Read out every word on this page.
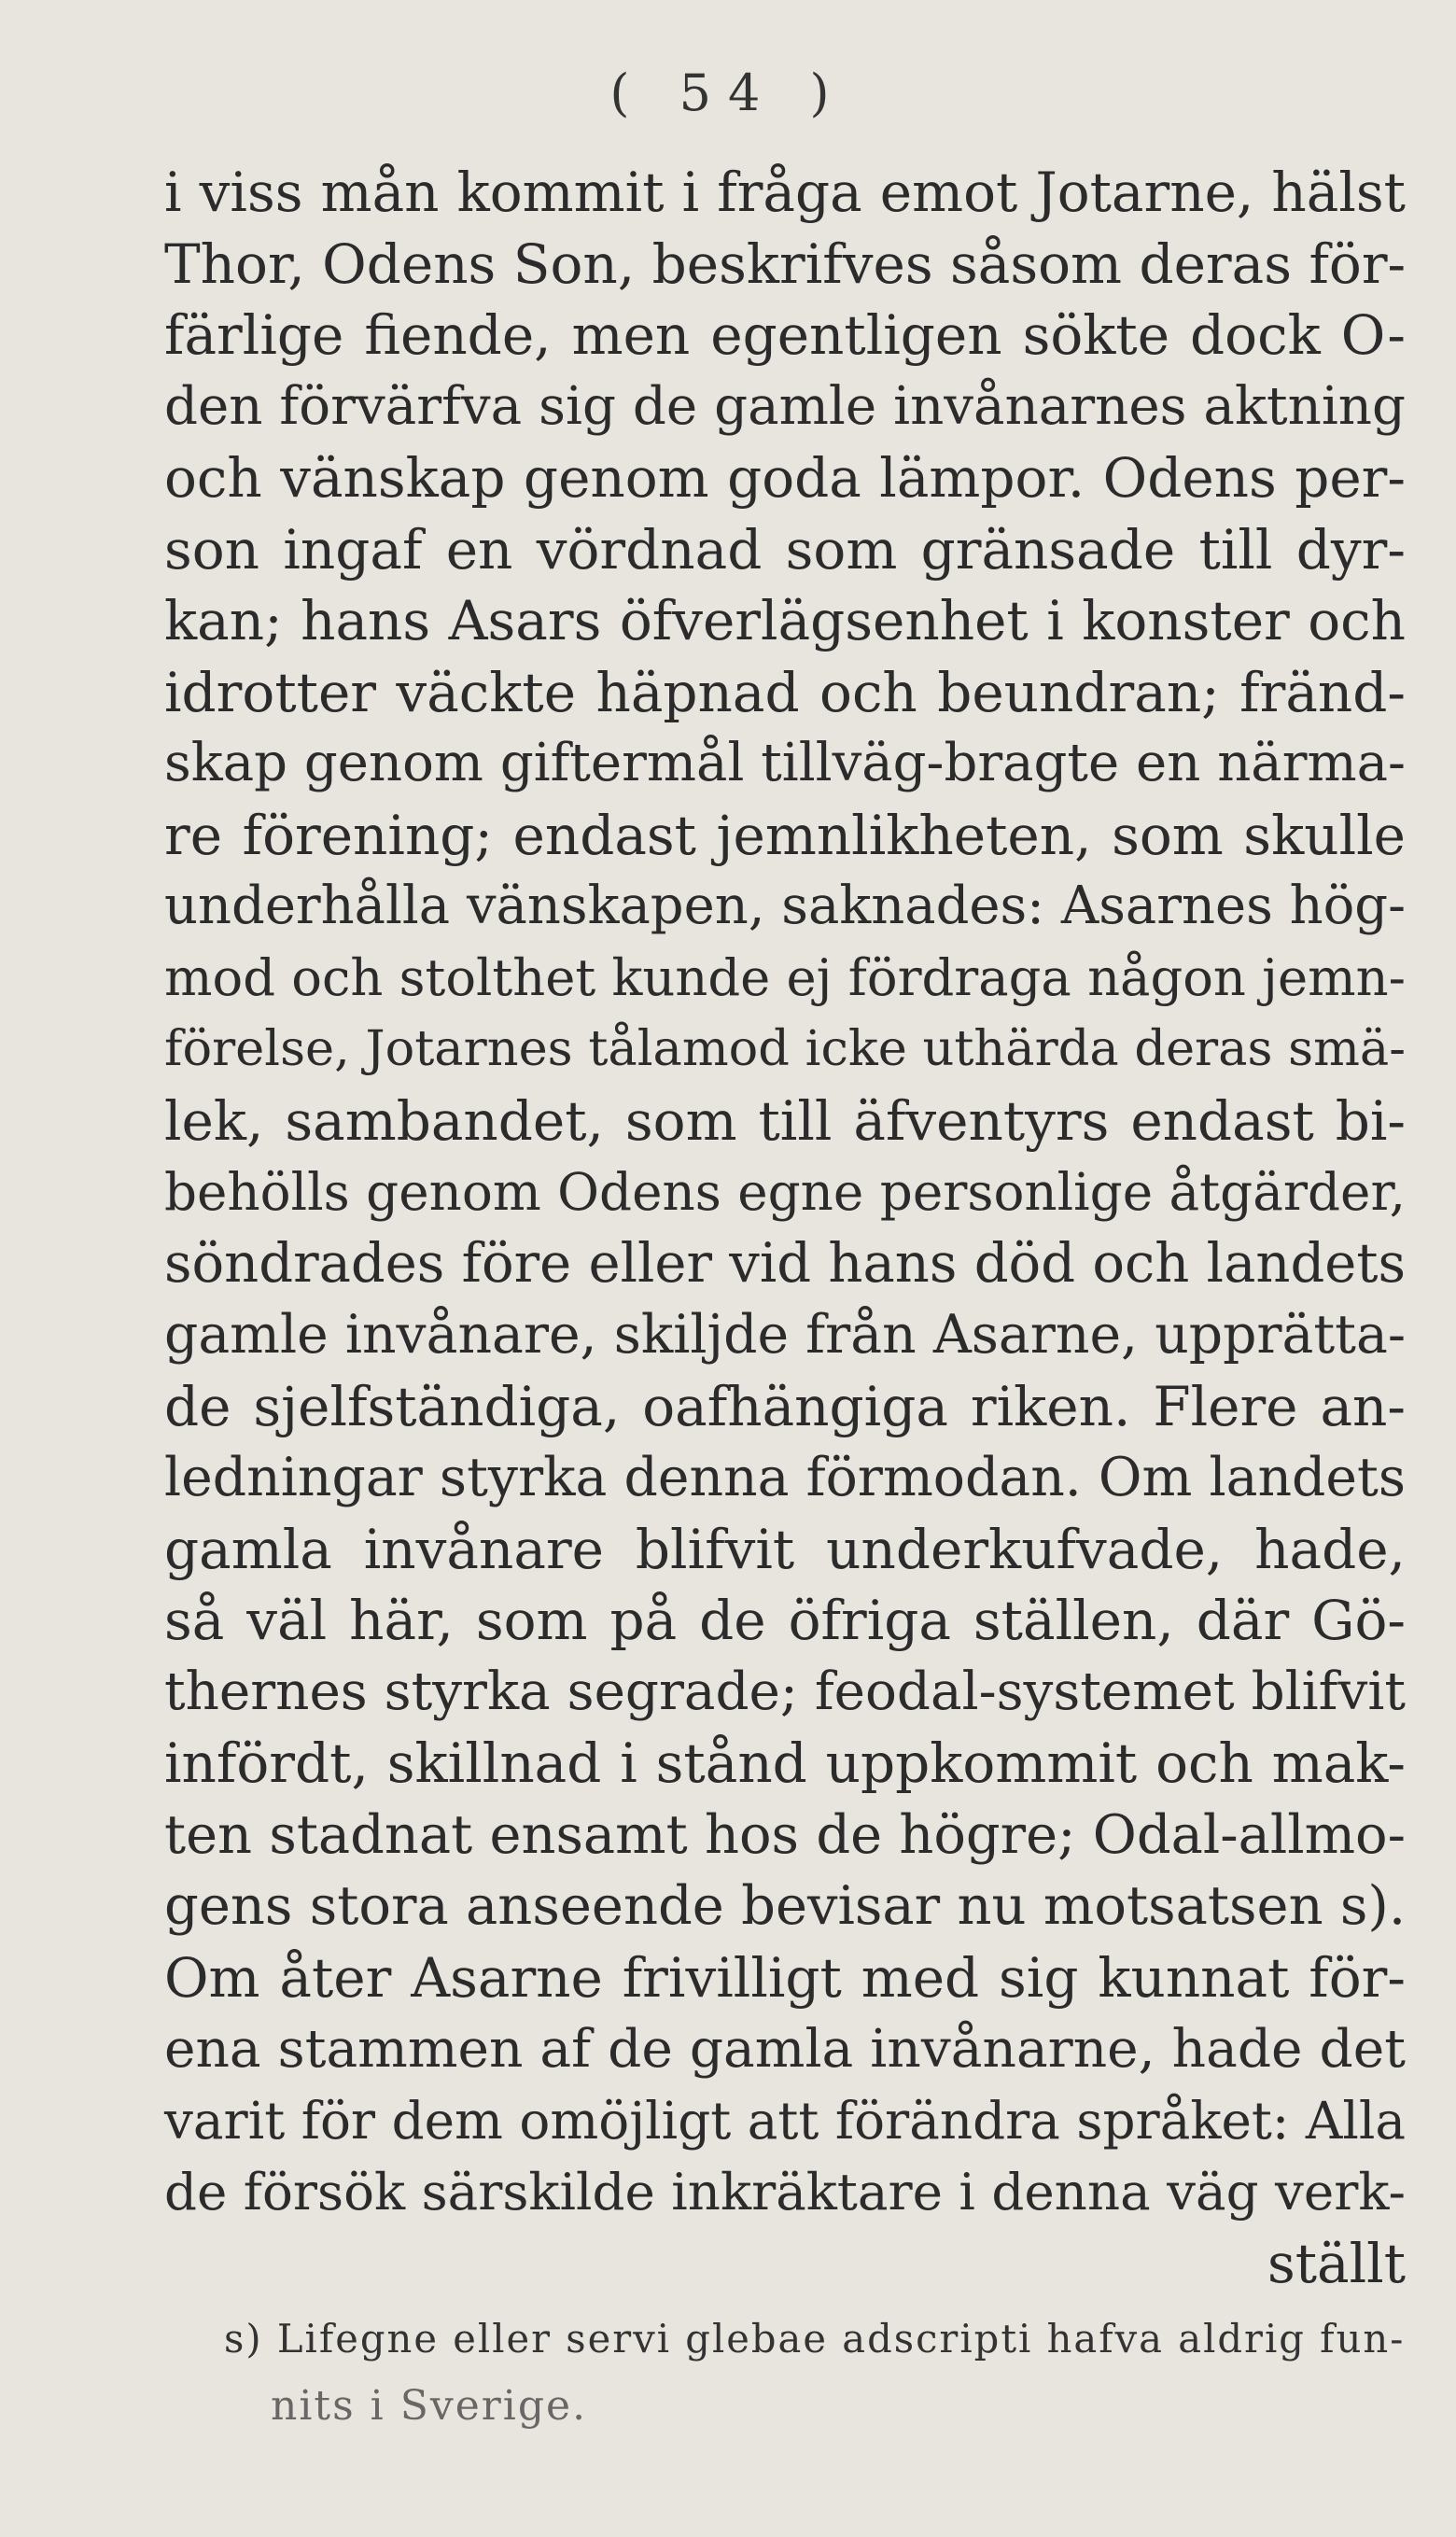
( 54 )
i viss mån kommit i fråga emot Jotarne, hälst
Thor, Odens Son, beskrifves såsom deras för-
färlige fiende, men egentligen sökte dock O-
den förvärfva sig de gamle invånarnes aktning
och vänskap genom goda lämpor. Odens per-
son ingaf en vördnad som gränsade till dyr-
kan; hans Asars öfverlägsenhet i konster och
idrotter väckte häpnad och beundran; fränd-
skap genom giftermål tillväg-bragte en närma-
re förening; endast jemnlikheten, som skulle
underhålla vänskapen, saknades: Asarnes hög-
mod och stolthet kunde ej fördraga någon jemn-
förelse, Jotarnes tålamod icke uthärda deras smä-
lek, sambandet, som till äfventyrs endast bi-
behölls genom Odens egne personlige åtgärder,
söndrades före eller vid hans död och landets
gamle invånare, skiljde från Asarne, upprätta-
de sjelfständiga, oafhängiga riken. Flere an-
ledningar styrka denna förmodan. Om landets
gamla invånare blifvit underkufvade, hade,
så väl här, som på de öfriga ställen, där Gö-
thernes styrka segrade; feodal-systemet blifvit
infördt, skillnad i stånd uppkommit och mak-
ten stadnat ensamt hos de högre; Odal-allmo-
gens stora anseende bevisar nu motsatsen s).
Om åter Asarne frivilligt med sig kunnat för-
ena stammen af de gamla invånarne, hade det
varit för dem omöjligt att förändra språket: Alla
de försök särskilde inkräktare i denna väg verk-
ställt
s) Lifegne eller servi glebae adscripti hafva aldrig fun-
nits i Sverige.
